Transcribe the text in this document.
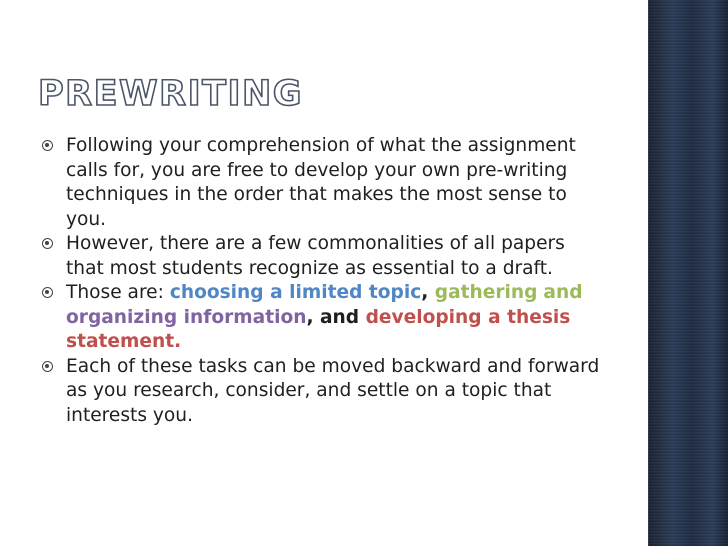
PREWRITING
Following your comprehension of what the assignment calls for, you are free to develop your own pre-writing techniques in the order that makes the most sense to you.
However, there are a few commonalities of all papers that most students recognize as essential to a draft.
Those are: choosing a limited topic, gathering and organizing information, and developing a thesis statement.
Each of these tasks can be moved backward and forward as you research, consider, and settle on a topic that interests you.
